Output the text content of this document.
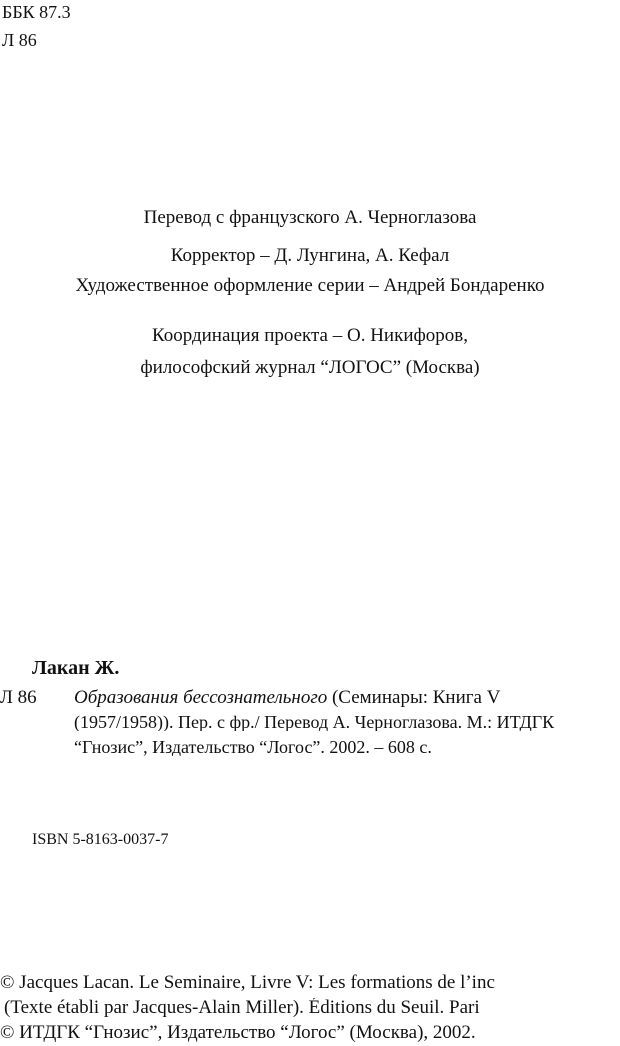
ББК 87.3
Л 86
Перевод с французского А. Черноглазова
Корректор – Д. Лунгина, А. Кефал
Художественное оформление серии – Андрей Бондаренко
Координация проекта – О. Никифоров,
философский журнал “ЛОГОС” (Москва)
Лакан Ж.
Л 86 Образования бессознательного (Семинары: Книга V
(1957/1958)). Пер. с фр./ Перевод А. Черноглазова. М.: ИТДГК
“Гнозис”, Издательство “Логос”. 2002. – 608 с.
ISBN 5-8163-0037-7
© Jacques Lacan. Le Seminaire, Livre V: Les formations de l’inc
(Texte établi par Jacques-Alain Miller). Éditions du Seuil. Pari
© ИТДГК “Гнозис”, Издательство “Логос” (Москва), 2002.
